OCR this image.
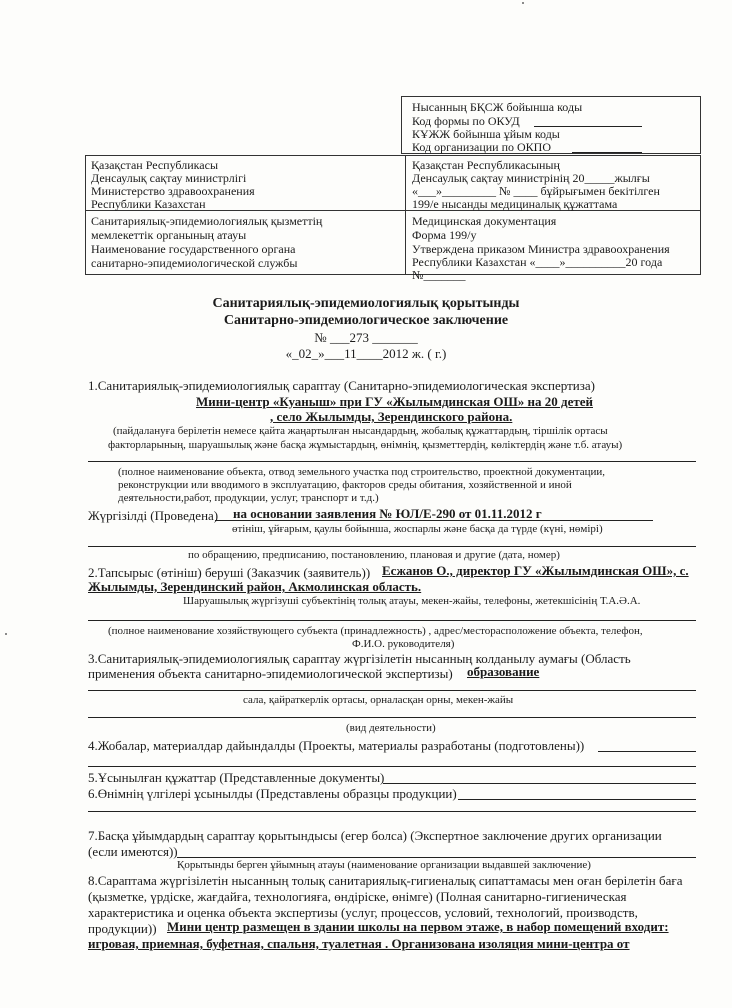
Нысанның БҚСЖ бойынша коды
Код формы по ОКУД
КҰЖЖ бойынша ұйым коды
Код организации по ОКПО
Қазақстан Республикасы
Денсаулық сақтау министрлігі
Министерство здравоохранения
Республики Казахстан
Қазақстан Республикасының
Денсаулық сақтау министрінің 20_____жылғы
«___»_________ № ____ бұйрығымен бекітілген
199/е нысанды медициналық құжаттама
Санитариялық-эпидемиологиялық қызметтің
мемлекеттік органының атауы
Наименование государственного органа
санитарно-эпидемиологической службы
Медицинская документация
Форма 199/у
Утверждена приказом Министра здравоохранения
Республики Казахстан «____»__________20 года
№_______
Санитариялық-эпидемиологиялық қорытынды
Санитарно-эпидемиологическое заключение
№ ___273 _______
«_02_»___11____2012 ж. ( г.)
1.Санитариялық-эпидемиологиялық сараптау (Санитарно-эпидемиологическая экспертиза)
Мини-центр «Куаныш» при ГУ «Жылымдинская ОШ» на 20 детей
, село Жылымды, Зерендинского района.
(пайдалануға берілетін немесе қайта жаңартылған нысандардың, жобалық құжаттардың, тіршілік ортасы
факторларының, шаруашылық және басқа жұмыстардың, өнімнің, қызметтердің, көліктердің және т.б. атауы)
(полное наименование объекта, отвод земельного участка под строительство, проектной документации,
реконструкции или вводимого в эксплуатацию, факторов среды обитания, хозяйственной и иной
деятельности,работ, продукции, услуг, транспорт и т.д.)
Жүргізілді (Проведена) на основании заявления № ЮЛ/Е-290 от 01.11.2012 г
өтініш, ұйғарым, қаулы бойынша, жоспарлы және басқа да түрде (күні, нөмірі)
по обращению, предписанию, постановлению, плановая и другие (дата, номер)
2.Тапсырыс (өтініш) беруші (Заказчик (заявитель)) Есжанов О., директор ГУ «Жылымдинская ОШ», с.
Жылымды, Зерендинский район, Акмолинская область.
Шаруашылық жүргізуші субъектінің толық атауы, мекен-жайы, телефоны, жетекшісінің Т.А.Ә.А.
(полное наименование хозяйствующего субъекта (принадлежность) , адрес/месторасположение объекта, телефон,
Ф.И.О. руководителя)
3.Санитариялық-эпидемиологиялық сараптау жүргізілетін нысанның колданылу аумағы (Область
применения объекта санитарно-эпидемиологической экспертизы) образование
сала, қайраткерлік ортасы, орналасқан орны, мекен-жайы
(вид деятельности)
4.Жобалар, материалдар дайындалды (Проекты, материалы разработаны (подготовлены))
5.Ұсынылған құжаттар (Представленные документы)
6.Өнімнің үлгілері ұсынылды (Представлены образцы продукции)
7.Басқа ұйымдардың сараптау қорытындысы (егер болса) (Экспертное заключение других организации
(если имеются))
Қорытынды берген ұйымның атауы (наименование организации выдавшей заключение)
8.Сараптама жүргізілетін нысанның толық санитариялық-гигиеналық сипаттамасы мен оған берілетін баға
(қызметке, үрдіске, жағдайға, технологияға, өндіріске, өнімге) (Полная санитарно-гигиеническая
характеристика и оценка объекта экспертизы (услуг, процессов, условий, технологий, производств,
продукции)) Мини центр размещен в здании школы на первом этаже, в набор помещений входит:
игровая, приемная, буфетная, спальня, туалетная . Организована изоляция мини-центра от
